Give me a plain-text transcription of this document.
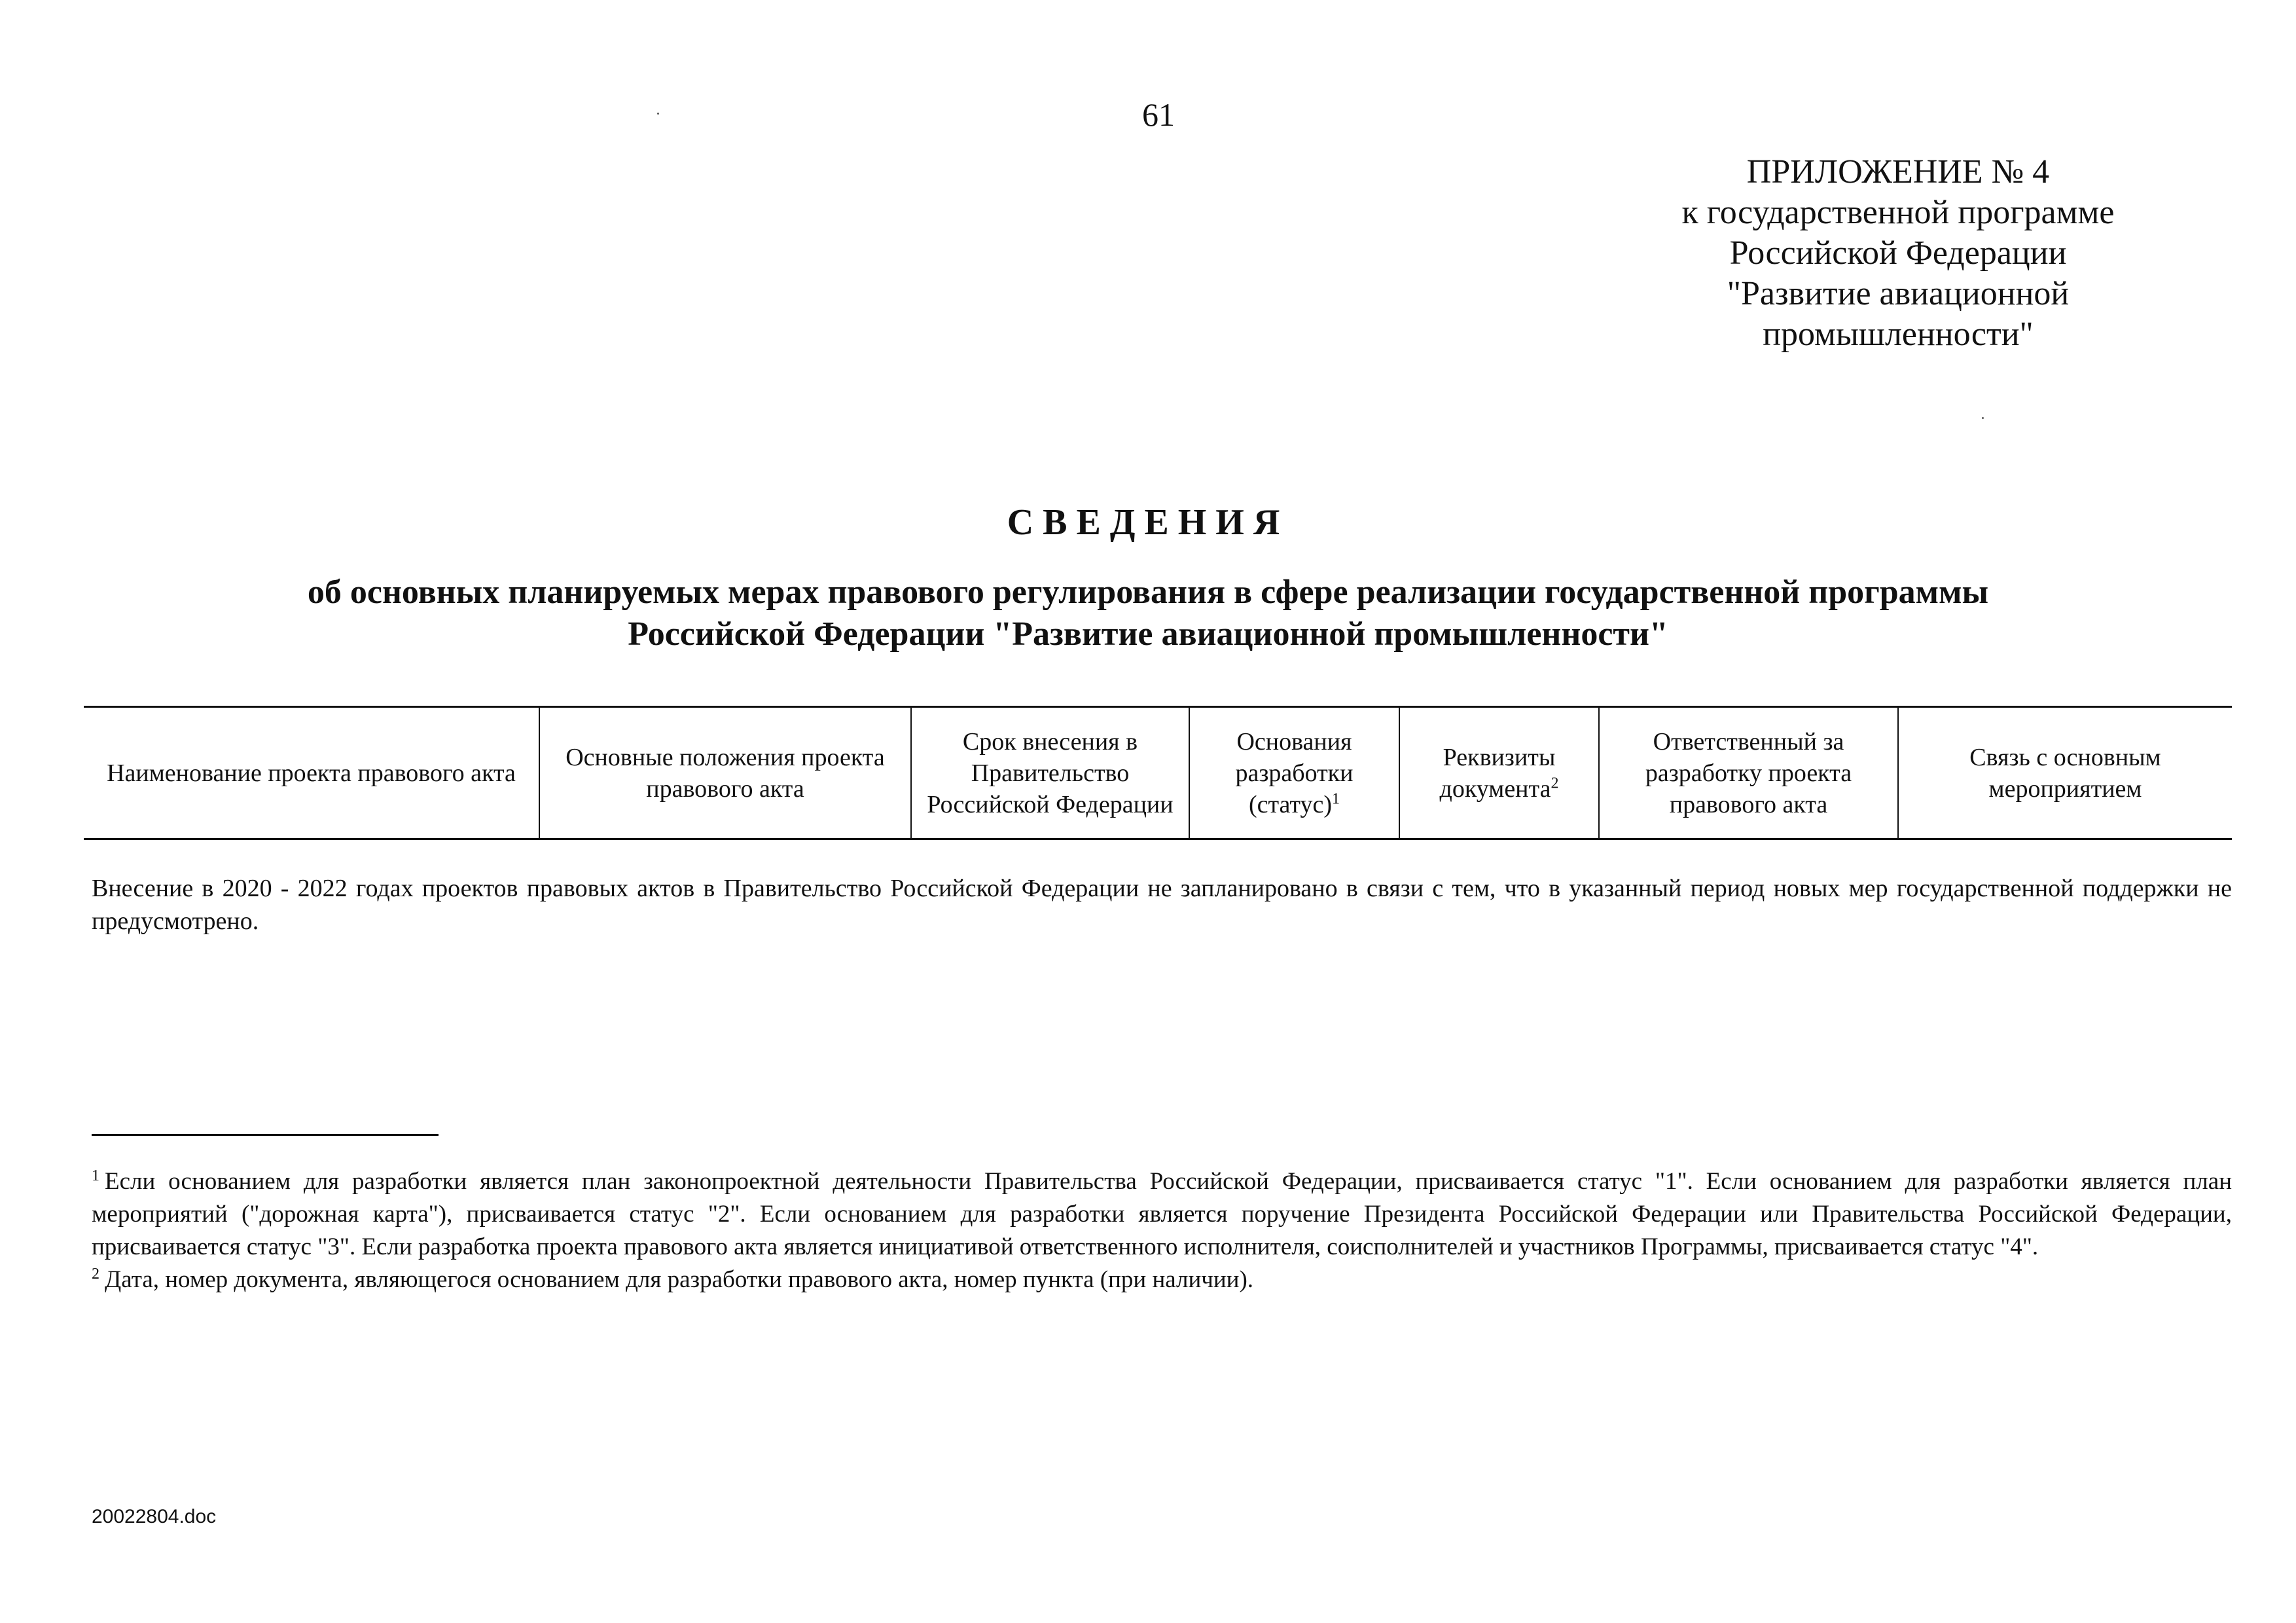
61
ПРИЛОЖЕНИЕ № 4
к государственной программе
Российской Федерации
"Развитие авиационной
промышленности"
СВЕДЕНИЯ
об основных планируемых мерах правового регулирования в сфере реализации государственной программы
Российской Федерации "Развитие авиационной промышленности"
Наименование проекта правового акта	Основные положения проекта правового акта	Срок внесения в Правительство Российской Федерации	Основания разработки (статус)$^1$	Реквизиты документа$^2$	Ответственный за разработку проекта правового акта	Связь с основным мероприятием
Внесение в 2020 - 2022 годах проектов правовых актов в Правительство Российской Федерации не запланировано в связи с тем, что в указанный период новых мер государственной поддержки не предусмотрено.
$^1$ Если основанием для разработки является план законопроектной деятельности Правительства Российской Федерации, присваивается статус "1". Если основанием для разработки является план мероприятий ("дорожная карта"), присваивается статус "2". Если основанием для разработки является поручение Президента Российской Федерации или Правительства Российской Федерации, присваивается статус "3". Если разработка проекта правового акта является инициативой ответственного исполнителя, соисполнителей и участников Программы, присваивается статус "4".
$^2$ Дата, номер документа, являющегося основанием для разработки правового акта, номер пункта (при наличии).
20022804.doc
